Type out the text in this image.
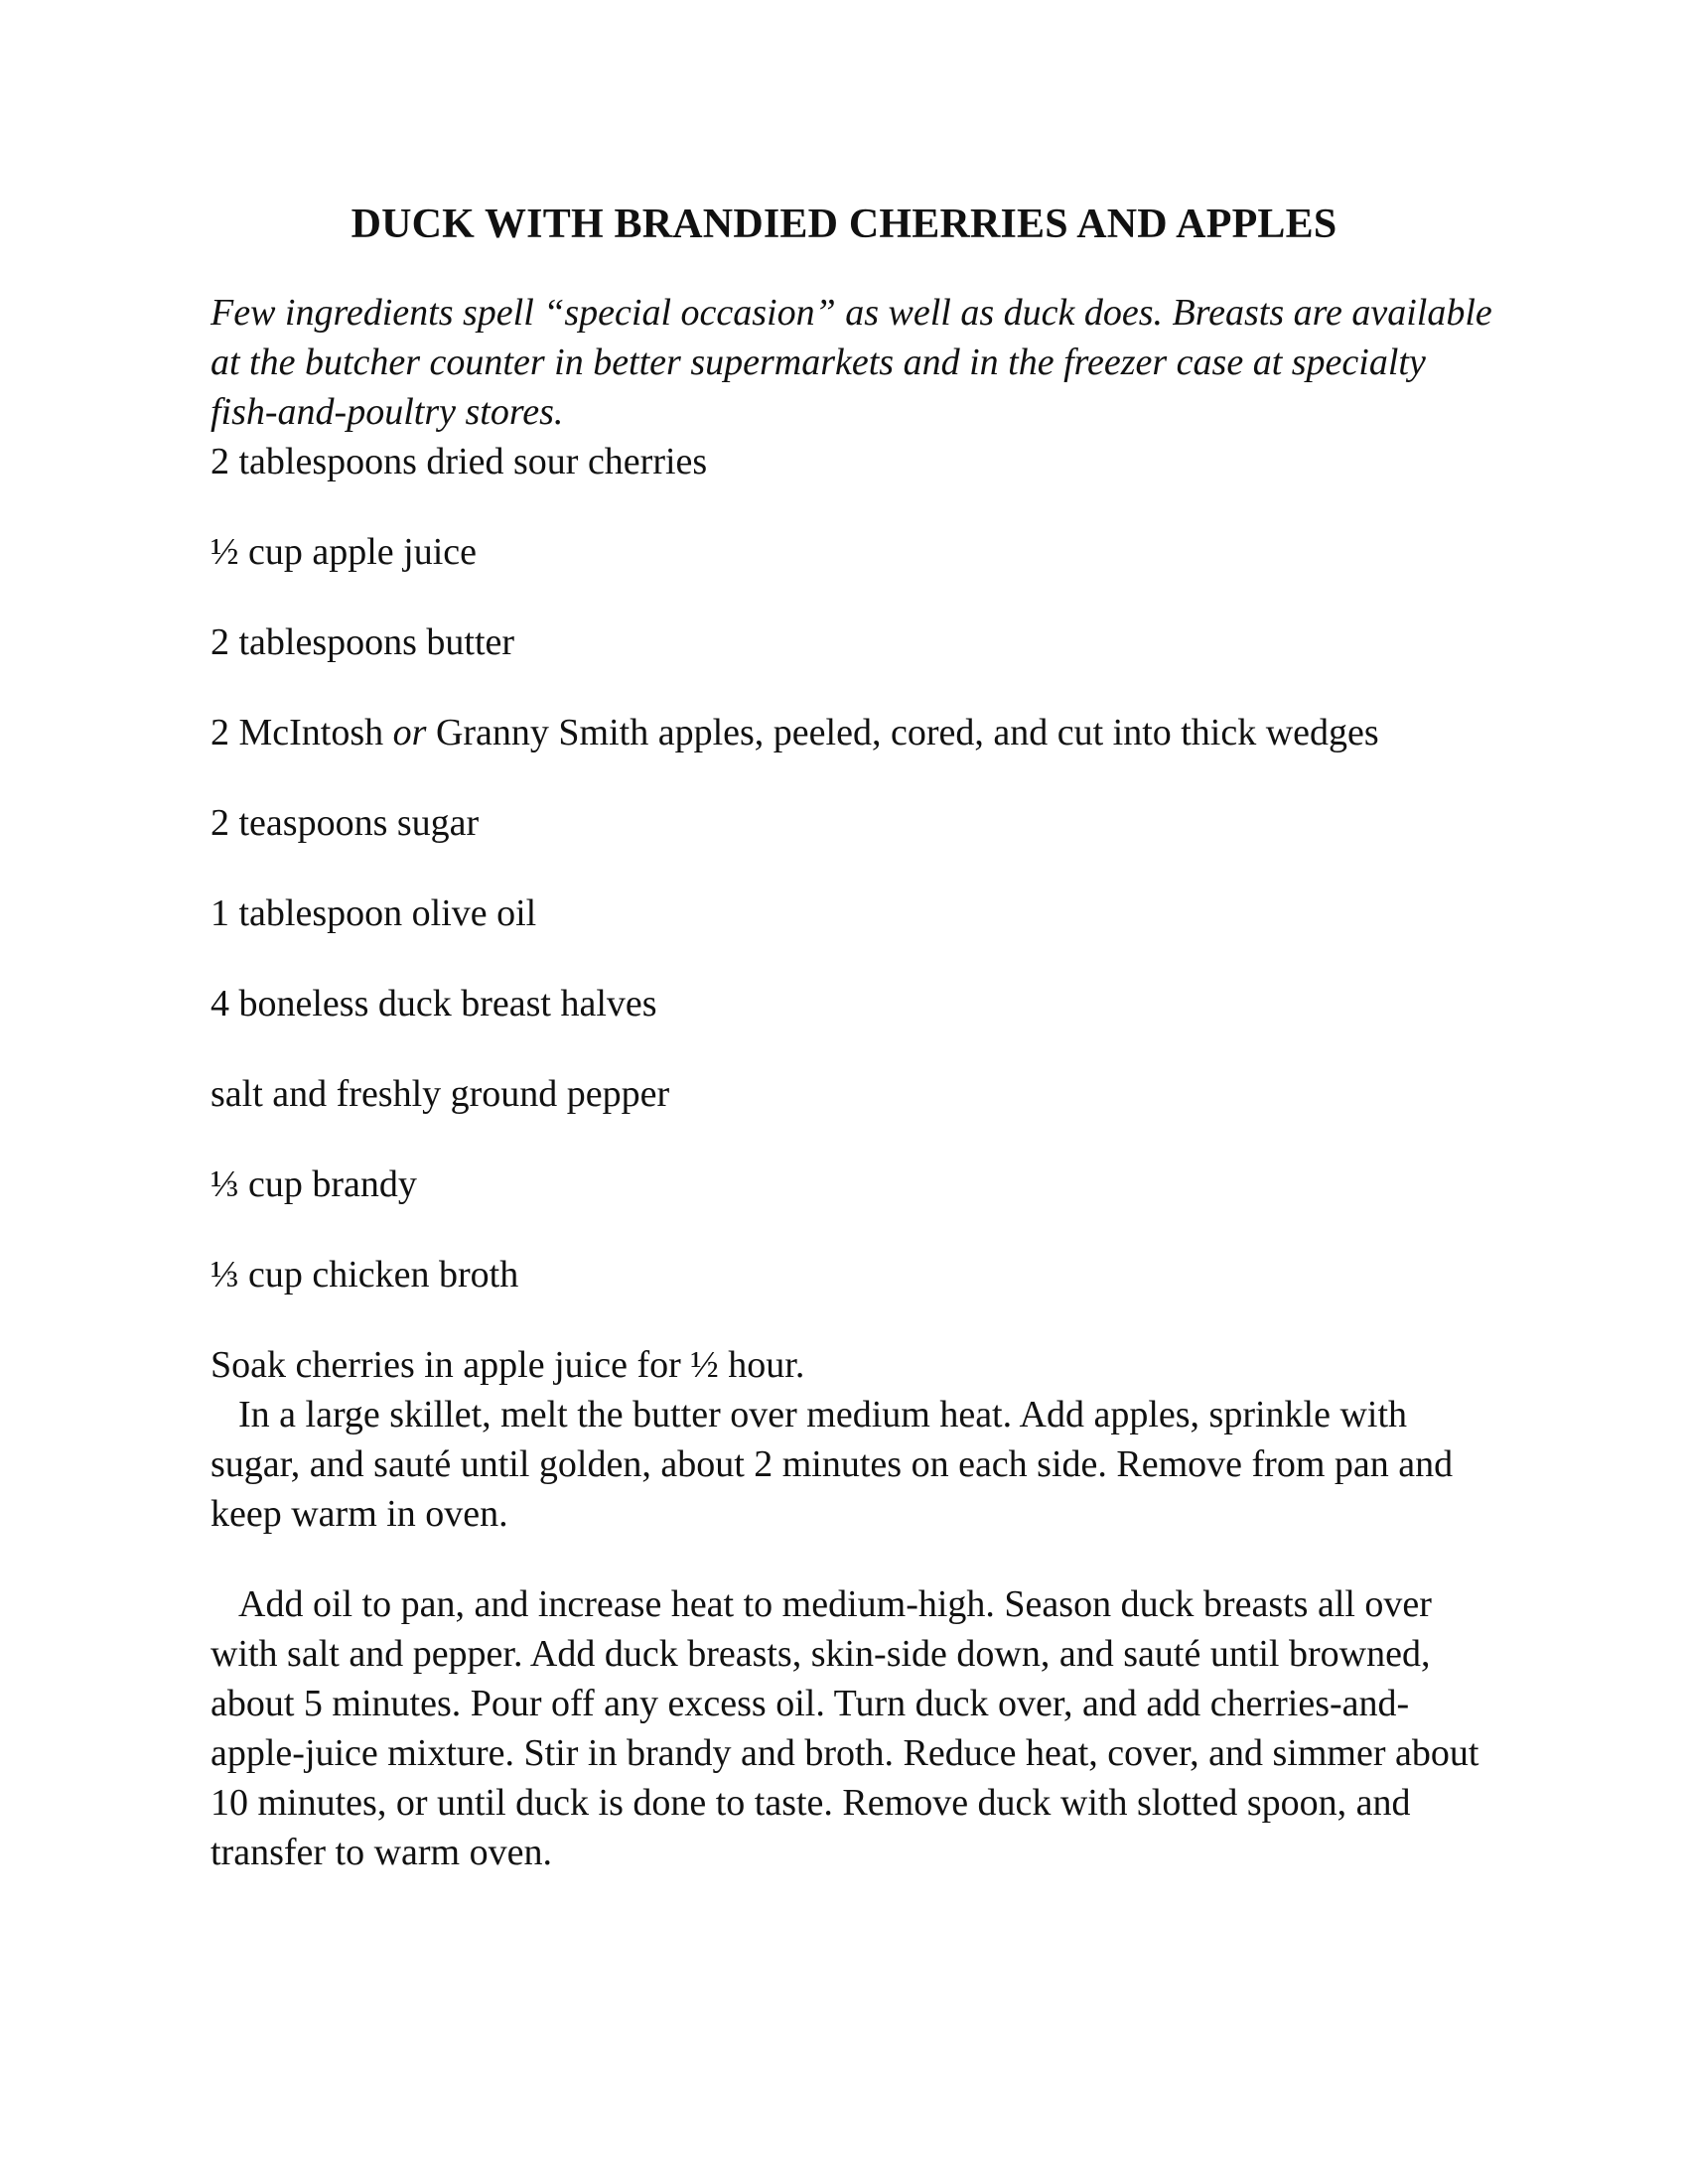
DUCK WITH BRANDIED CHERRIES AND APPLES

Few ingredients spell “special occasion” as well as duck does. Breasts are available at the butcher counter in better supermarkets and in the freezer case at specialty fish-and-poultry stores.

2 tablespoons dried sour cherries

½ cup apple juice

2 tablespoons butter

2 McIntosh or Granny Smith apples, peeled, cored, and cut into thick wedges

2 teaspoons sugar

1 tablespoon olive oil

4 boneless duck breast halves

salt and freshly ground pepper

⅓ cup brandy

⅓ cup chicken broth

Soak cherries in apple juice for ½ hour.

In a large skillet, melt the butter over medium heat. Add apples, sprinkle with sugar, and sauté until golden, about 2 minutes on each side. Remove from pan and keep warm in oven.

Add oil to pan, and increase heat to medium-high. Season duck breasts all over with salt and pepper. Add duck breasts, skin-side down, and sauté until browned, about 5 minutes. Pour off any excess oil. Turn duck over, and add cherries-and-apple-juice mixture. Stir in brandy and broth. Reduce heat, cover, and simmer about 10 minutes, or until duck is done to taste. Remove duck with slotted spoon, and transfer to warm oven.
